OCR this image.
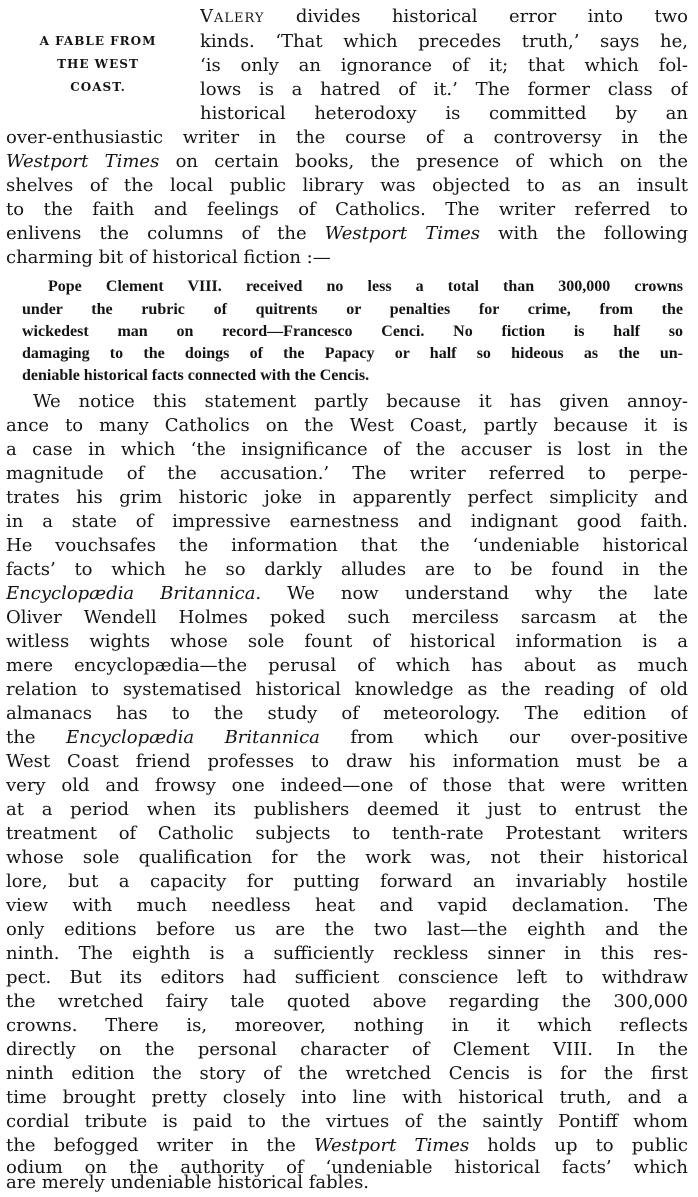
A FABLE FROM
THE WEST
COAST.

Valery divides historical error into two

kinds. ‘That which precedes truth,’ says he,

‘is only an ignorance of it; that which fol-

lows is a hatred of it.’ The former class of

historical heterodoxy is committed by an

over-enthusiastic writer in the course of a controversy in the

Westport Times on certain books, the presence of which on the

shelves of the local public library was objected to as an insult

to the faith and feelings of Catholics. The writer referred to

enlivens the columns of the Westport Times with the following

charming bit of historical fiction :—

Pope Clement VIII. received no less a total than 300,000 crowns

under the rubric of quitrents or penalties for crime, from the

wickedest man on record—Francesco Cenci. No fiction is half so

damaging to the doings of the Papacy or half so hideous as the un-

deniable historical facts connected with the Cencis.

We notice this statement partly because it has given annoy-

ance to many Catholics on the West Coast, partly because it is

a case in which ‘the insignificance of the accuser is lost in the

magnitude of the accusation.’ The writer referred to perpe-

trates his grim historic joke in apparently perfect simplicity and

in a state of impressive earnestness and indignant good faith.

He vouchsafes the information that the ‘undeniable historical

facts’ to which he so darkly alludes are to be found in the

Encyclopædia Britannica. We now understand why the late

Oliver Wendell Holmes poked such merciless sarcasm at the

witless wights whose sole fount of historical information is a

mere encyclopædia—the perusal of which has about as much

relation to systematised historical knowledge as the reading of old

almanacs has to the study of meteorology. The edition of

the Encyclopædia Britannica from which our over-positive

West Coast friend professes to draw his information must be a

very old and frowsy one indeed—one of those that were written

at a period when its publishers deemed it just to entrust the

treatment of Catholic subjects to tenth-rate Protestant writers

whose sole qualification for the work was, not their historical

lore, but a capacity for putting forward an invariably hostile

view with much needless heat and vapid declamation. The

only editions before us are the two last—the eighth and the

ninth. The eighth is a sufficiently reckless sinner in this res-

pect. But its editors had sufficient conscience left to withdraw

the wretched fairy tale quoted above regarding the 300,000

crowns. There is, moreover, nothing in it which reflects

directly on the personal character of Clement VIII. In the

ninth edition the story of the wretched Cencis is for the first

time brought pretty closely into line with historical truth, and a

cordial tribute is paid to the virtues of the saintly Pontiff whom

the befogged writer in the Westport Times holds up to public

odium on the authority of ‘undeniable historical facts’ which

are merely undeniable historical fables.
